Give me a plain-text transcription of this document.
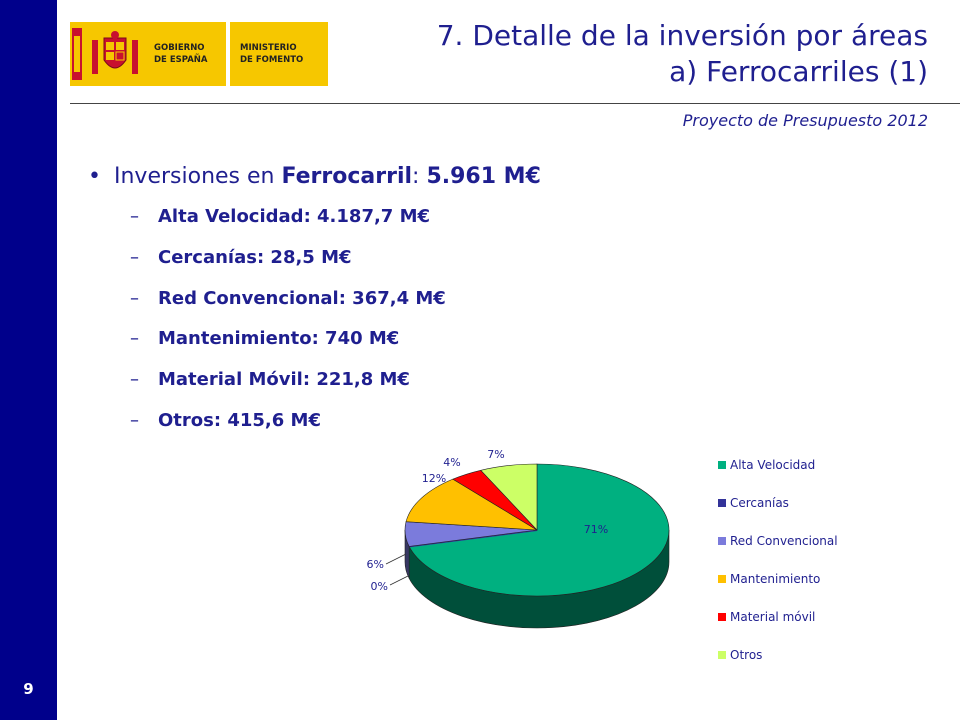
9
GOBIERNO
DE ESPAÑA
MINISTERIO
DE FOMENTO
7. Detalle de la inversión por áreas
a) Ferrocarriles (1)
Proyecto de Presupuesto 2012
• Inversiones en Ferrocarril: 5.961 M€
– Alta Velocidad: 4.187,7 M€
– Cercanías: 28,5 M€
– Red Convencional: 367,4 M€
– Mantenimiento: 740 M€
– Material Móvil: 221,8 M€
– Otros: 415,6 M€
71%
0%
6%
12%
4%
7%
Alta Velocidad
Cercanías
Red Convencional
Mantenimiento
Material móvil
Otros
